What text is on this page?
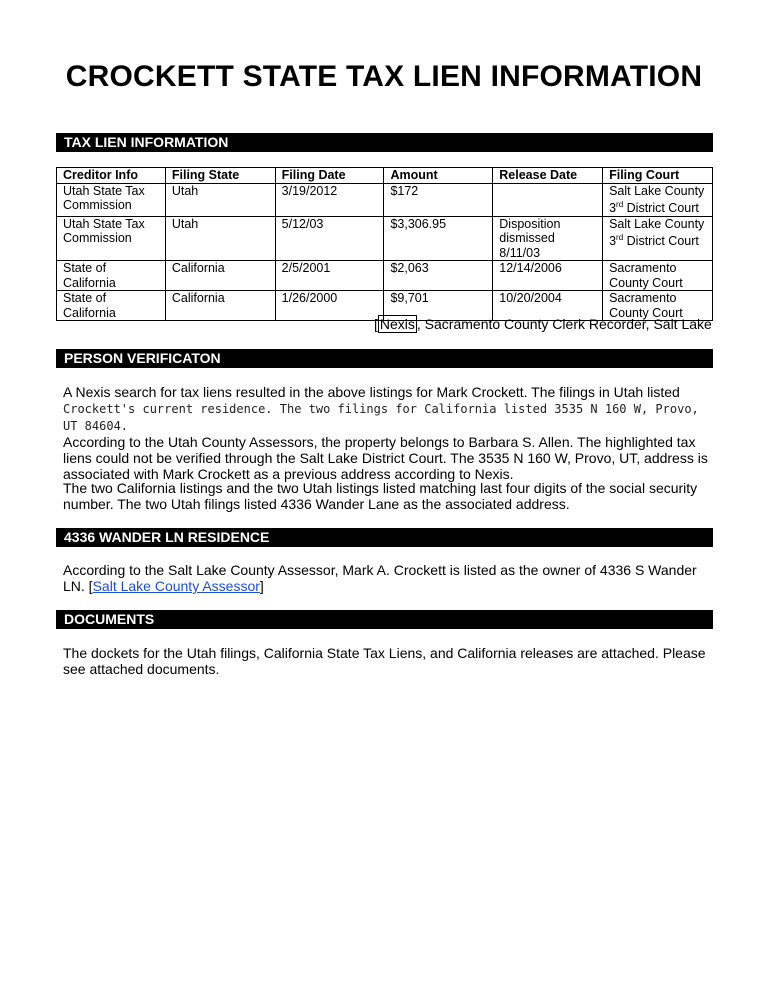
CROCKETT STATE TAX LIEN INFORMATION
TAX LIEN INFORMATION
Creditor Info	Filing State	Filing Date	Amount	Release Date	Filing Court

Utah State Tax
Commission	Utah	3/19/2012	$172		Salt Lake County
3rd District Court

Utah State Tax
Commission	Utah	5/12/03	$3,306.95	Disposition
dismissed
8/11/03	Salt Lake County
3rd District Court

State of
California	California	2/5/2001	$2,063	12/14/2006	Sacramento
County Court

State of
California	California	1/26/2000	$9,701	10/20/2004	Sacramento
County Court
[ Nexis , Sacramento County Clerk Recorder, Salt Lake
PERSON VERIFICATON
A Nexis search for tax liens resulted in the above listings for Mark Crockett. The filings in Utah listed
Crockett's current residence. The two filings for California listed 3535 N 160 W, Provo, UT 84604.
According to the Utah County Assessors, the property belongs to Barbara S. Allen. The highlighted tax liens could not be verified through the Salt Lake District Court. The 3535 N 160 W, Provo, UT, address is associated with Mark Crockett as a previous address according to Nexis.
The two California listings and the two Utah listings listed matching last four digits of the social security number. The two Utah filings listed 4336 Wander Lane as the associated address.
4336 WANDER LN RESIDENCE
According to the Salt Lake County Assessor, Mark A. Crockett is listed as the owner of 4336 S Wander LN. [Salt Lake County Assessor]
DOCUMENTS
The dockets for the Utah filings, California State Tax Liens, and California releases are attached. Please see attached documents.
